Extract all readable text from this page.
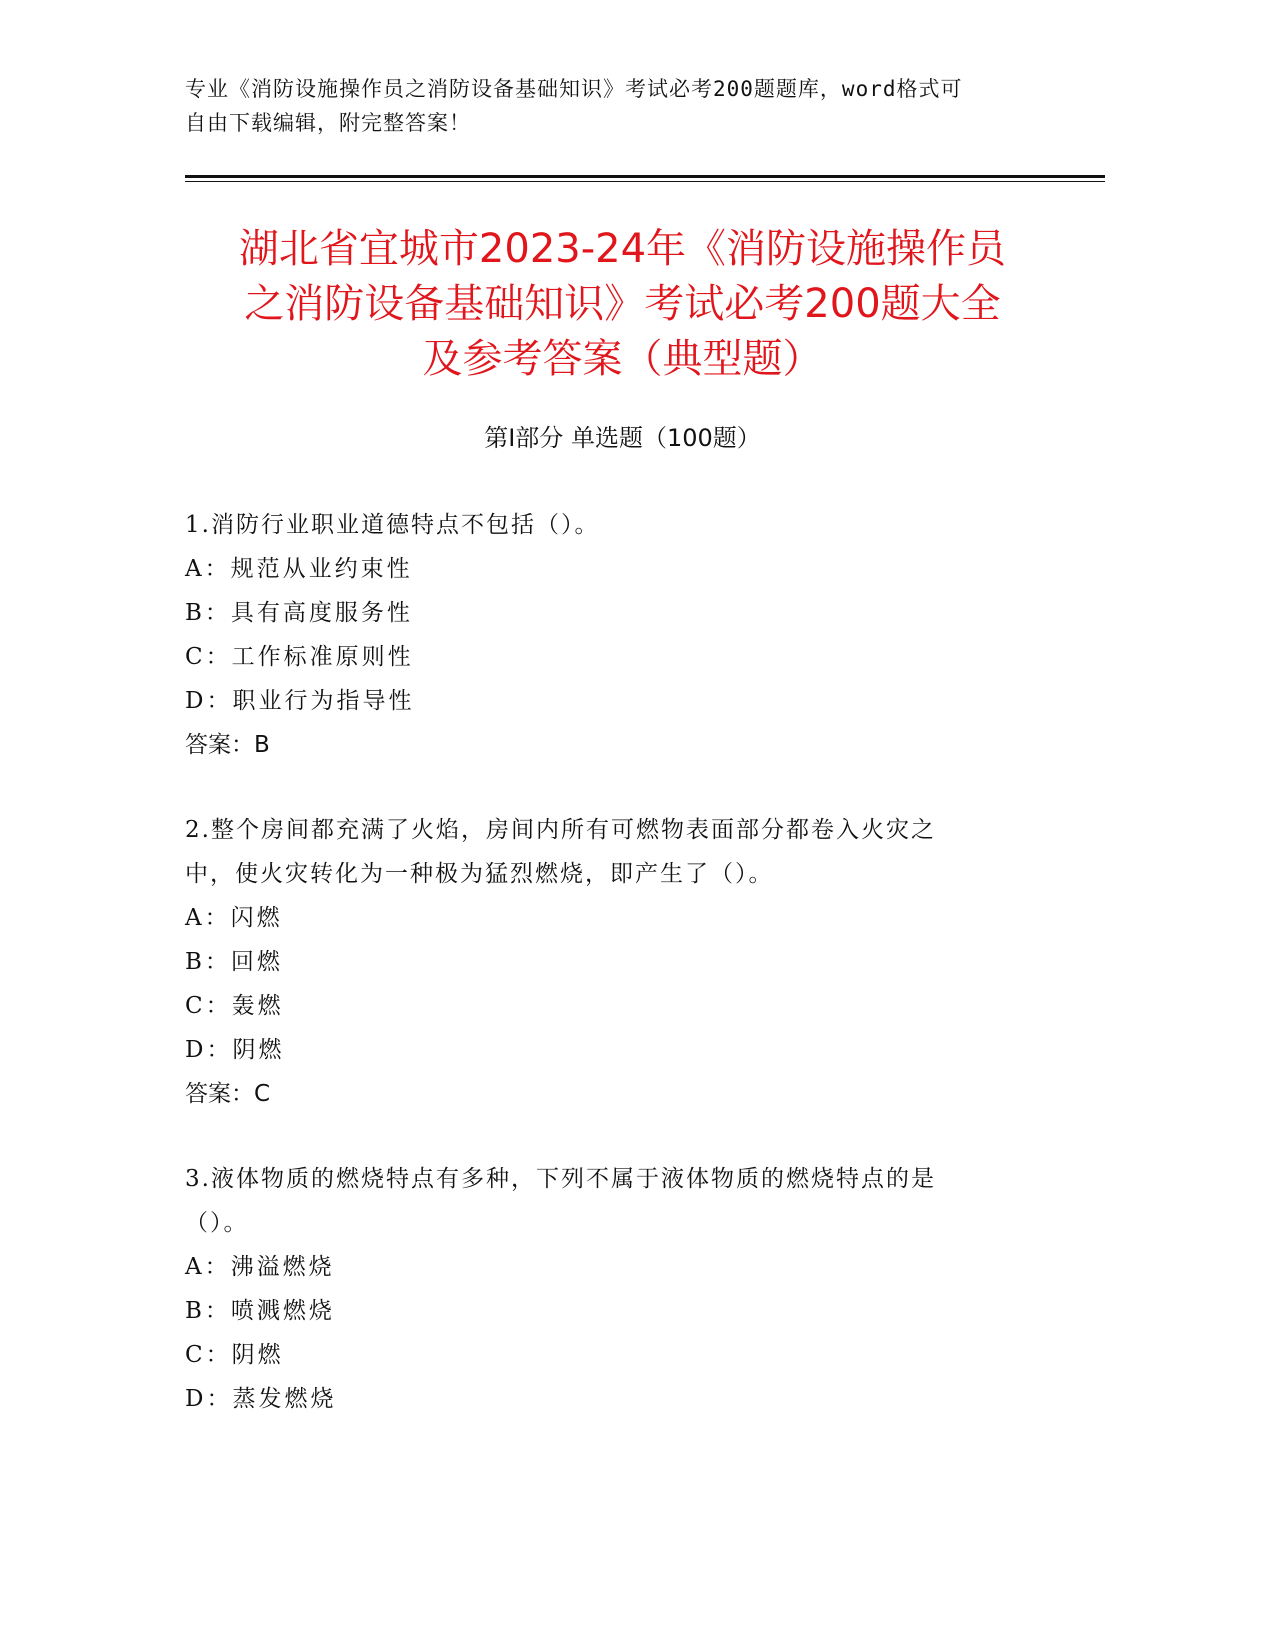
专业《消防设施操作员之消防设备基础知识》考试必考200题题库，word格式可
自由下载编辑，附完整答案！
湖北省宜城市2023-24年《消防设施操作员
之消防设备基础知识》考试必考200题大全
及参考答案（典型题）
第Ⅰ部分 单选题（100题）
1.消防行业职业道德特点不包括（）。
A：规范从业约束性
B：具有高度服务性
C：工作标准原则性
D：职业行为指导性
答案：B
2.整个房间都充满了火焰，房间内所有可燃物表面部分都卷入火灾之
中，使火灾转化为一种极为猛烈燃烧，即产生了（）。
A：闪燃
B：回燃
C：轰燃
D：阴燃
答案：C
3.液体物质的燃烧特点有多种，下列不属于液体物质的燃烧特点的是
（）。
A：沸溢燃烧
B：喷溅燃烧
C：阴燃
D：蒸发燃烧
